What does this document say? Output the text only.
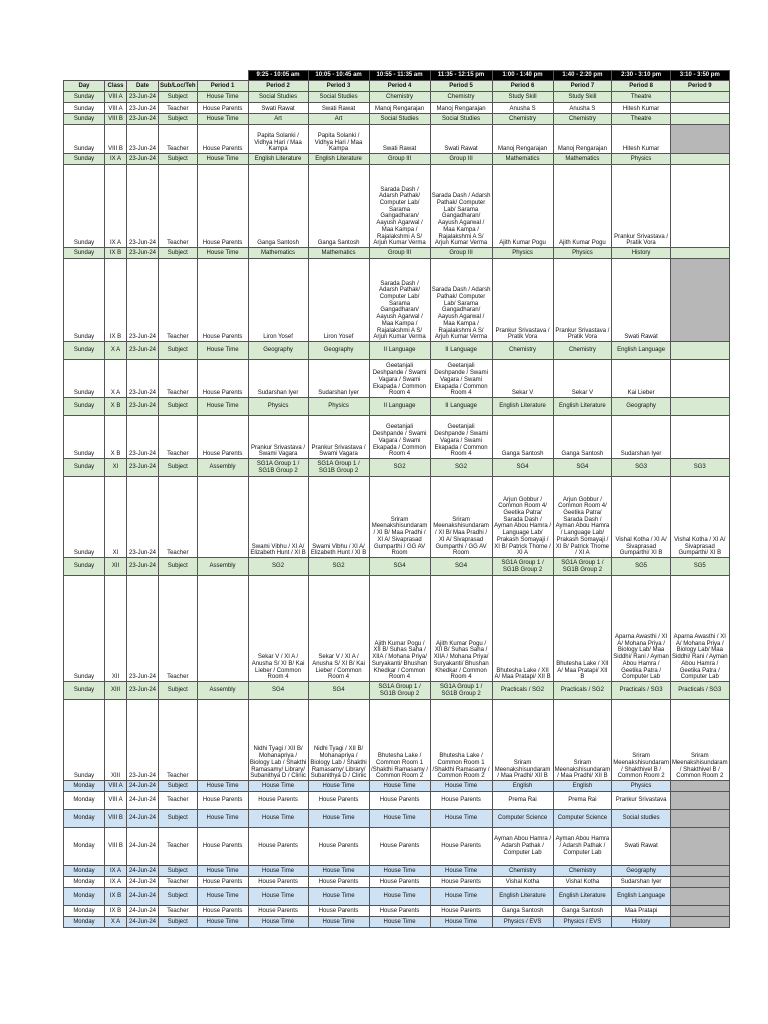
				8:40 - 9:20 am	9:25 - 10:05 am	10:05 - 10:45 am	10:55 - 11:35 am	11:35 - 12:15 pm	1:00 - 1:40 pm	1:40 - 2:20 pm	2:30 - 3:10 pm	3:10 - 3:50 pm
Day	Class	Date	Sub/Loc/Teh	Period 1	Period 2	Period 3	Period 4	Period 5	Period 6	Period 7	Period 8	Period 9
Sunday	VIII A	23-Jun-24	Subject	House Time	Social Studies	Social Studies	Chemistry	Chemistry	Study Skill	Study Skill	Theatre	
Sunday	VIII A	23-Jun-24	Teacher	House Parents	Swati Rawat	Swati Rawat	Manoj Rengarajan	Manoj Rengarajan	Anusha S	Anusha S	Hitesh Kumar	
Sunday	VIII B	23-Jun-24	Subject	House Time	Art	Art	Social Studies	Social Studies	Chemistry	Chemistry	Theatre	
Sunday	VIII B	23-Jun-24	Teacher	House Parents	Papita Solanki / Vidhya Hari / Maa Kampa	Papita Solanki / Vidhya Hari / Maa Kampa	Swati Rawat	Swati Rawat	Manoj Rengarajan	Manoj Rengarajan	Hitesh Kumar	
Sunday	IX A	23-Jun-24	Subject	House Time	English Literature	English Literature	Group III	Group III	Mathematics	Mathematics	Physics	
Sunday	IX A	23-Jun-24	Teacher	House Parents	Ganga Santosh	Ganga Santosh	Sarada Dash / Adarsh Pathak/ Computer Lab/ Sarama Gangadharan/ Aayush Agarwal / Maa Kampa / Rajalakshmi A S/ Arjun Kumar Verma	Sarada Dash / Adarsh Pathak/ Computer Lab/ Sarama Gangadharan/ Aayush Agarwal / Maa Kampa / Rajalakshmi A S/ Arjun Kumar Verma	Ajith Kumar Pogu	Ajith Kumar Pogu	Prankur Srivastava / Pratik Vora	
Sunday	IX B	23-Jun-24	Subject	House Time	Mathematics	Mathematics	Group III	Group III	Physics	Physics	History	
Sunday	IX B	23-Jun-24	Teacher	House Parents	Liron Yosef	Liron Yosef	Sarada Dash / Adarsh Pathak/ Computer Lab/ Sarama Gangadharan/ Aayush Agarwal / Maa Kampa / Rajalakshmi A S/ Arjun Kumar Verma	Sarada Dash / Adarsh Pathak/ Computer Lab/ Sarama Gangadharan/ Aayush Agarwal / Maa Kampa / Rajalakshmi A S/ Arjun Kumar Verma	Prankur Srivastava / Pratik Vora	Prankur Srivastava / Pratik Vora	Swati Rawat	
Sunday	X A	23-Jun-24	Subject	House Time	Geography	Geography	II Language	II Language	Chemistry	Chemistry	English Language	
Sunday	X A	23-Jun-24	Teacher	House Parents	Sudarshan Iyer	Sudarshan Iyer	Geetanjali Deshpande / Swami Vagara / Swami Ekapada / Common Room 4	Geetanjali Deshpande / Swami Vagara / Swami Ekapada / Common Room 4	Sekar V	Sekar V	Kai Lieber	
Sunday	X B	23-Jun-24	Subject	House Time	Physics	Physics	II Language	II Language	English Literature	English Literature	Geography	
Sunday	X B	23-Jun-24	Teacher	House Parents	Prankur Srivastava / Swami Vagara	Prankur Srivastava / Swami Vagara	Geetanjali Deshpande / Swami Vagara / Swami Ekapada / Common Room 4	Geetanjali Deshpande / Swami Vagara / Swami Ekapada / Common Room 4	Ganga Santosh	Ganga Santosh	Sudarshan Iyer	
Sunday	XI	23-Jun-24	Subject	Assembly	SG1A Group 1 / SG1B Group 2	SG1A Group 1 / SG1B Group 2	SG2	SG2	SG4	SG4	SG3	SG3
Sunday	XI	23-Jun-24	Teacher		Swami Vibhu / XI A/ Elizabeth Hunt / XI B	Swami Vibhu / XI A/ Elizabeth Hunt / XI B	Sriram Meenakshisundaram / XI B/ Maa Pradhi / XI A/ Sivaprasad Gumparthi / GG AV Room	Sriram Meenakshisundaram / XI B/ Maa Pradhi / XI A/ Sivaprasad Gumparthi / GG AV Room	Arjun Gobbur / Common Room 4/ Geetika Patra/ Sarada Dash / Ayman Abou Hamra / Language Lab/ Prakash Somayaji / XI B/ Patrick Thome / XI A	Arjun Gobbur / Common Room 4/ Geetika Patra/ Sarada Dash / Ayman Abou Hamra / Language Lab/ Prakash Somayaji / XI B/ Patrick Thome / XI A	Vishal Kotha / XI A/ Sivaprasad Gumparthi/ XI B	Vishal Kotha / XI A/ Sivaprasad Gumparthi/ XI B
Sunday	XII	23-Jun-24	Subject	Assembly	SG2	SG2	SG4	SG4	SG1A Group 1 / SG1B Group 2	SG1A Group 1 / SG1B Group 2	SG5	SG5
Sunday	XII	23-Jun-24	Teacher		Sekar V / XI A / Anusha S/ XI B/ Kai Lieber / Common Room 4	Sekar V / XI A / Anusha S/ XI B/ Kai Lieber / Common Room 4	Ajith Kumar Pogu / XII B/ Suhas Saha / XIIA / Mohana Priya/ Suryakanti/ Bhushan Khedkar / Common Room 4	Ajith Kumar Pogu / XII B/ Suhas Saha / XIIA / Mohana Priya/ Suryakanti/ Bhushan Khedkar / Common Room 4	Bhutesha Lake / XII A/ Maa Pratapi/ XII B	Bhutesha Lake / XII A/ Maa Pratapi/ XII B	Aparna Awasthi / XI A/ Mohana Priya / Biology Lab/ Maa Siddhi/ Rani / Ayman Abou Hamra / Geetika Patra / Computer Lab	Aparna Awasthi / XI A/ Mohana Priya / Biology Lab/ Maa Siddhi/ Rani / Ayman Abou Hamra / Geetika Patra / Computer Lab
Sunday	XIII	23-Jun-24	Subject	Assembly	SG4	SG4	SG1A Group 1 / SG1B Group 2	SG1A Group 1 / SG1B Group 2	Practicals / SG2	Practicals / SG2	Practicals / SG3	Practicals / SG3
Sunday	XIII	23-Jun-24	Teacher		Nidhi Tyagi / XII B/ Mohanapriya / Biology Lab / Shakthi Ramasamy/ Library/ Subanithya D / Clinic	Nidhi Tyagi / XII B/ Mohanapriya / Biology Lab / Shakthi Ramasamy/ Library/ Subanithya D / Clinic	Bhutesha Lake / Common Room 1 /Shakthi Ramasamy / Common Room 2	Bhutesha Lake / Common Room 1 /Shakthi Ramasamy / Common Room 2	Sriram Meenakshisundaram / Maa Pradhi/ XII B	Sriram Meenakshisundaram / Maa Pradhi/ XII B	Sriram Meenakshisundaram / Shakthivel B / Common Room 2	Sriram Meenakshisundaram / Shakthivel B / Common Room 2
Monday	VIII A	24-Jun-24	Subject	House Time	House Time	House Time	House Time	House Time	English	English	Physics	
Monday	VIII A	24-Jun-24	Teacher	House Parents	House Parents	House Parents	House Parents	House Parents	Prema Rai	Prema Rai	Prankur Srivastava	
Monday	VIII B	24-Jun-24	Subject	House Time	House Time	House Time	House Time	House Time	Computer Science	Computer Science	Social studies	
Monday	VIII B	24-Jun-24	Teacher	House Parents	House Parents	House Parents	House Parents	House Parents	Ayman Abou Hamra / Adarsh Pathak / Computer Lab	Ayman Abou Hamra / Adarsh Pathak / Computer Lab	Swati Rawat	
Monday	IX A	24-Jun-24	Subject	House Time	House Time	House Time	House Time	House Time	Chemistry	Chemistry	Geography	
Monday	IX A	24-Jun-24	Teacher	House Parents	House Parents	House Parents	House Parents	House Parents	Vishal Kotha	Vishal Kotha	Sudarshan Iyer	
Monday	IX B	24-Jun-24	Subject	House Time	House Time	House Time	House Time	House Time	English Literature	English Literature	English Language	
Monday	IX B	24-Jun-24	Teacher	House Parents	House Parents	House Parents	House Parents	House Parents	Ganga Santosh	Ganga Santosh	Maa Pratapi	
Monday	X A	24-Jun-24	Subject	House Time	House Time	House Time	House Time	House Time	Physics / EVS	Physics / EVS	History	
